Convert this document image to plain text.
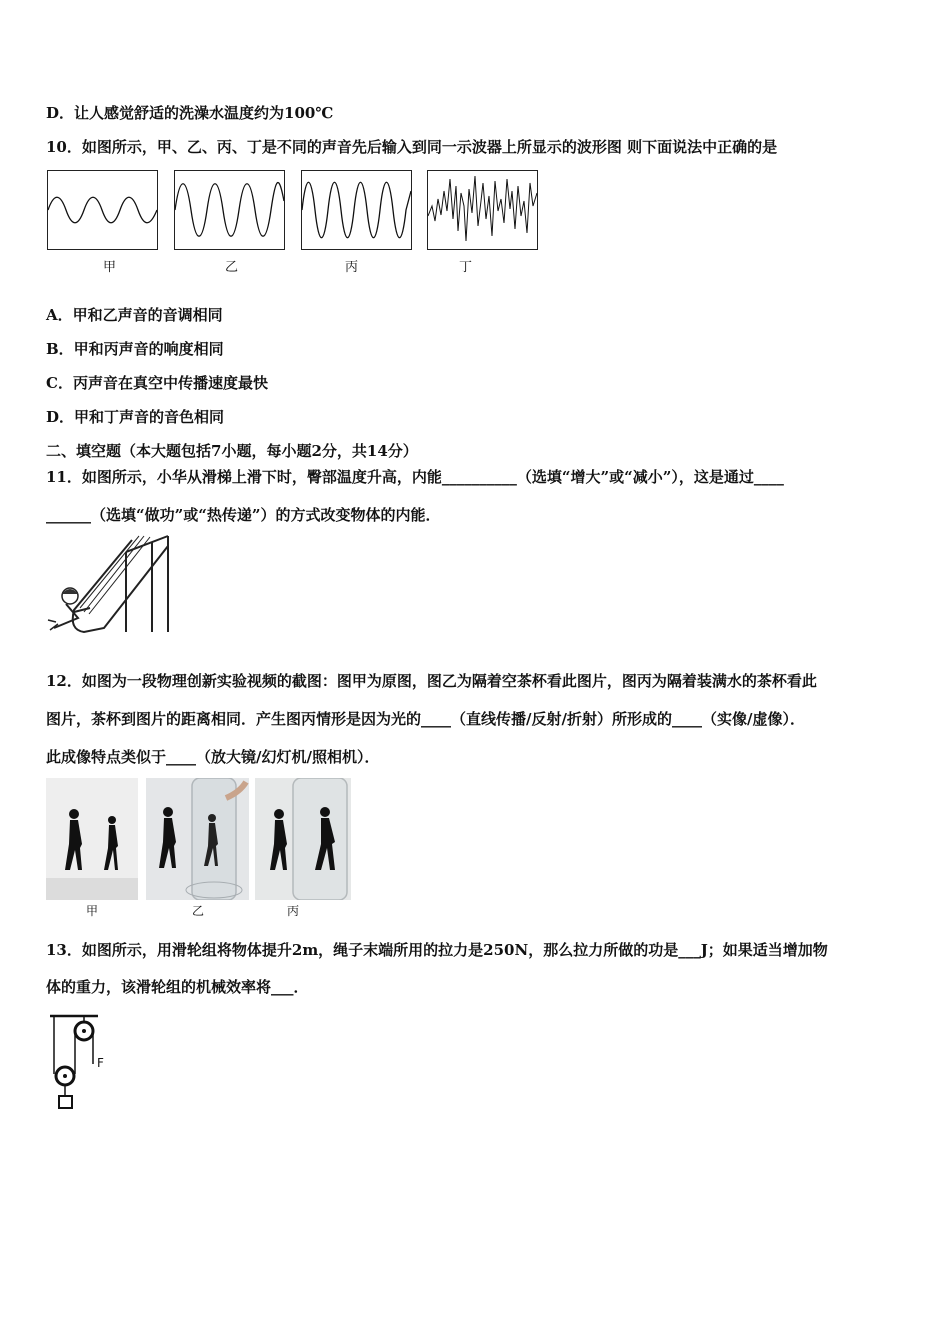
D．让人感觉舒适的洗澡水温度约为100℃
10．如图所示，甲、乙、丙、丁是不同的声音先后输入到同一示波器上所显示的波形图 则下面说法中正确的是
甲	乙	丙	丁
A．甲和乙声音的音调相同
B．甲和丙声音的响度相同
C．丙声音在真空中传播速度最快
D．甲和丁声音的音色相同
二、填空题（本大题包括7小题，每小题2分，共14分）
11．如图所示，小华从滑梯上滑下时，臀部温度升高，内能__________（选填“增大”或“减小”），这是通过____
______（选填“做功”或“热传递”）的方式改变物体的内能．
12．如图为一段物理创新实验视频的截图：图甲为原图，图乙为隔着空茶杯看此图片，图丙为隔着装满水的茶杯看此
图片，茶杯到图片的距离相同．产生图丙情形是因为光的____（直线传播/反射/折射）所形成的____（实像/虚像）．
此成像特点类似于____（放大镜/幻灯机/照相机）．
甲	乙	丙
13．如图所示，用滑轮组将物体提升2m，绳子末端所用的拉力是250N，那么拉力所做的功是___J；如果适当增加物
体的重力，该滑轮组的机械效率将___．
F
